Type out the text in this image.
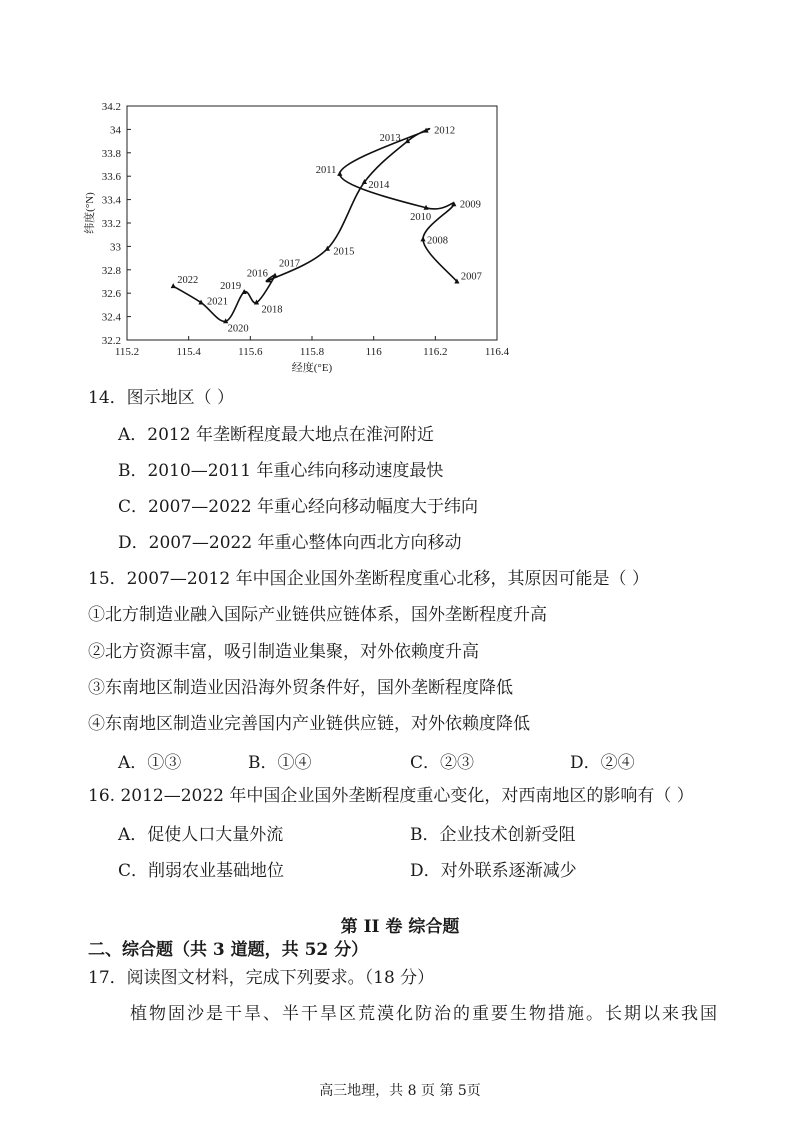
115.2	115.4	115.6	115.8	116	116.2	116.4
32.2
32.4
32.6
32.8
33
33.2
33.4
33.6
33.8
34
34.2
2007
2008
2009
2010
2011
2012
2013
2014
2015
2016
2017
2018
2019
2020
2021
2022
经度(°E)
纬度(°N)
14．图示地区（ ）
A．2012 年垄断程度最大地点在淮河附近
B．2010—2011 年重心纬向移动速度最快
C．2007—2022 年重心经向移动幅度大于纬向
D．2007—2022 年重心整体向西北方向移动
15．2007—2012 年中国企业国外垄断程度重心北移，其原因可能是（ ）
①北方制造业融入国际产业链供应链体系，国外垄断程度升高
②北方资源丰富，吸引制造业集聚，对外依赖度升高
③东南地区制造业因沿海外贸条件好，国外垄断程度降低
④东南地区制造业完善国内产业链供应链，对外依赖度降低
A．①③	B．①④	C．②③	D．②④
16. 2012—2022 年中国企业国外垄断程度重心变化，对西南地区的影响有（ ）
A．促使人口大量外流	B．企业技术创新受阻
C．削弱农业基础地位	D．对外联系逐渐减少
第 II 卷 综合题
二、综合题（共 3 道题，共 52 分）
17．阅读图文材料，完成下列要求。（18 分）
植物固沙是干旱、半干旱区荒漠化防治的重要生物措施。长期以来我国
高三地理，共 8 页 第 5页
